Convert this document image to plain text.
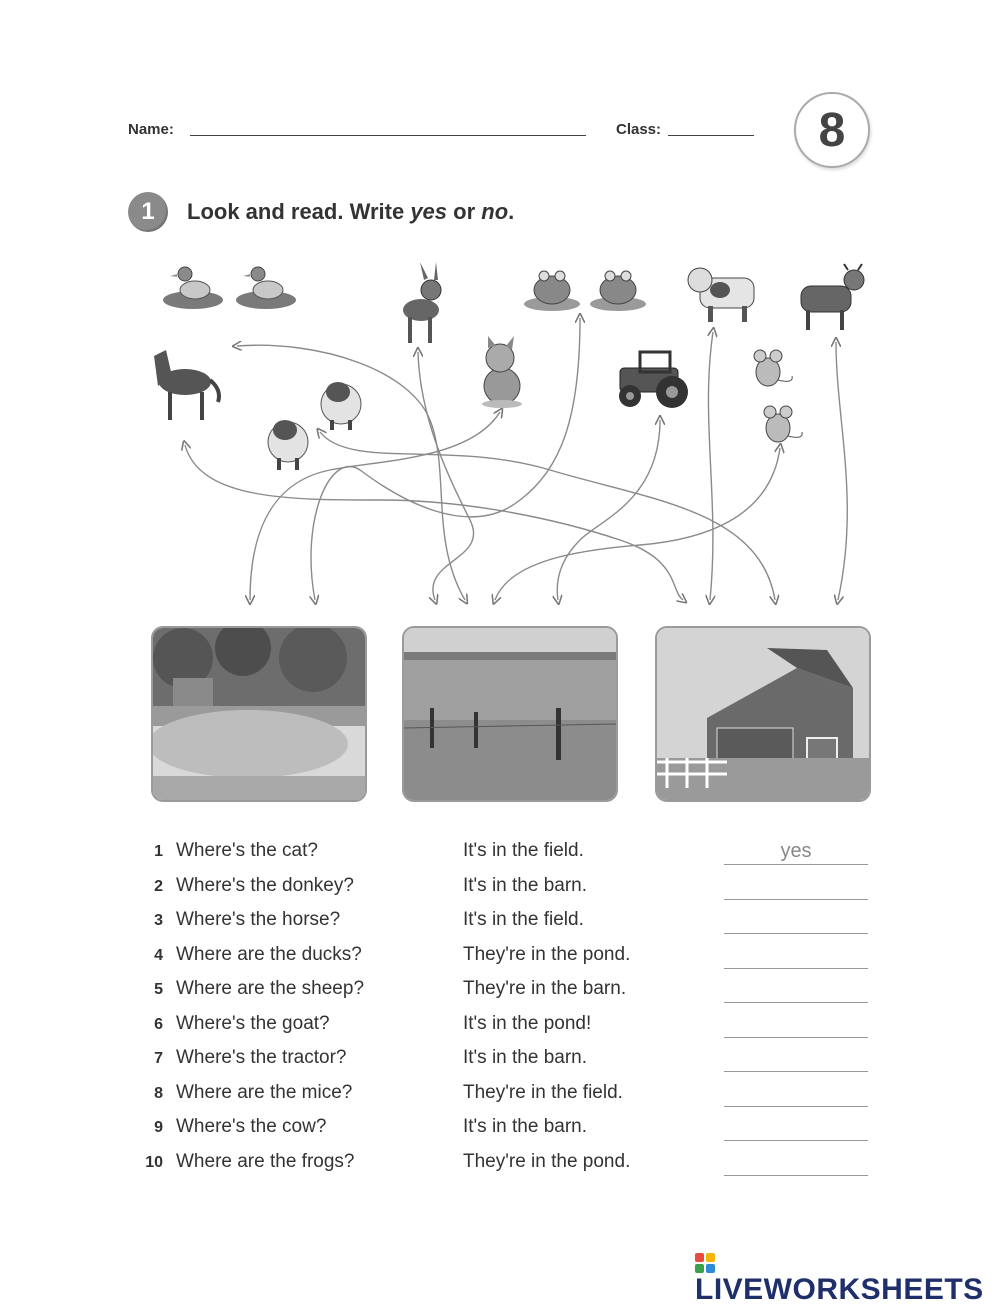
Name:	Class:	8
1	Look and read. Write yes or no.
1 Where's the cat?	It's in the field.	yes
2 Where's the donkey?	It's in the barn.
3 Where's the horse?	It's in the field.
4 Where are the ducks?	They're in the pond.
5 Where are the sheep?	They're in the barn.
6 Where's the goat?	It's in the pond!
7 Where's the tractor?	It's in the barn.
8 Where are the mice?	They're in the field.
9 Where's the cow?	It's in the barn.
10 Where are the frogs?	They're in the pond.
LIVEWORKSHEETS
